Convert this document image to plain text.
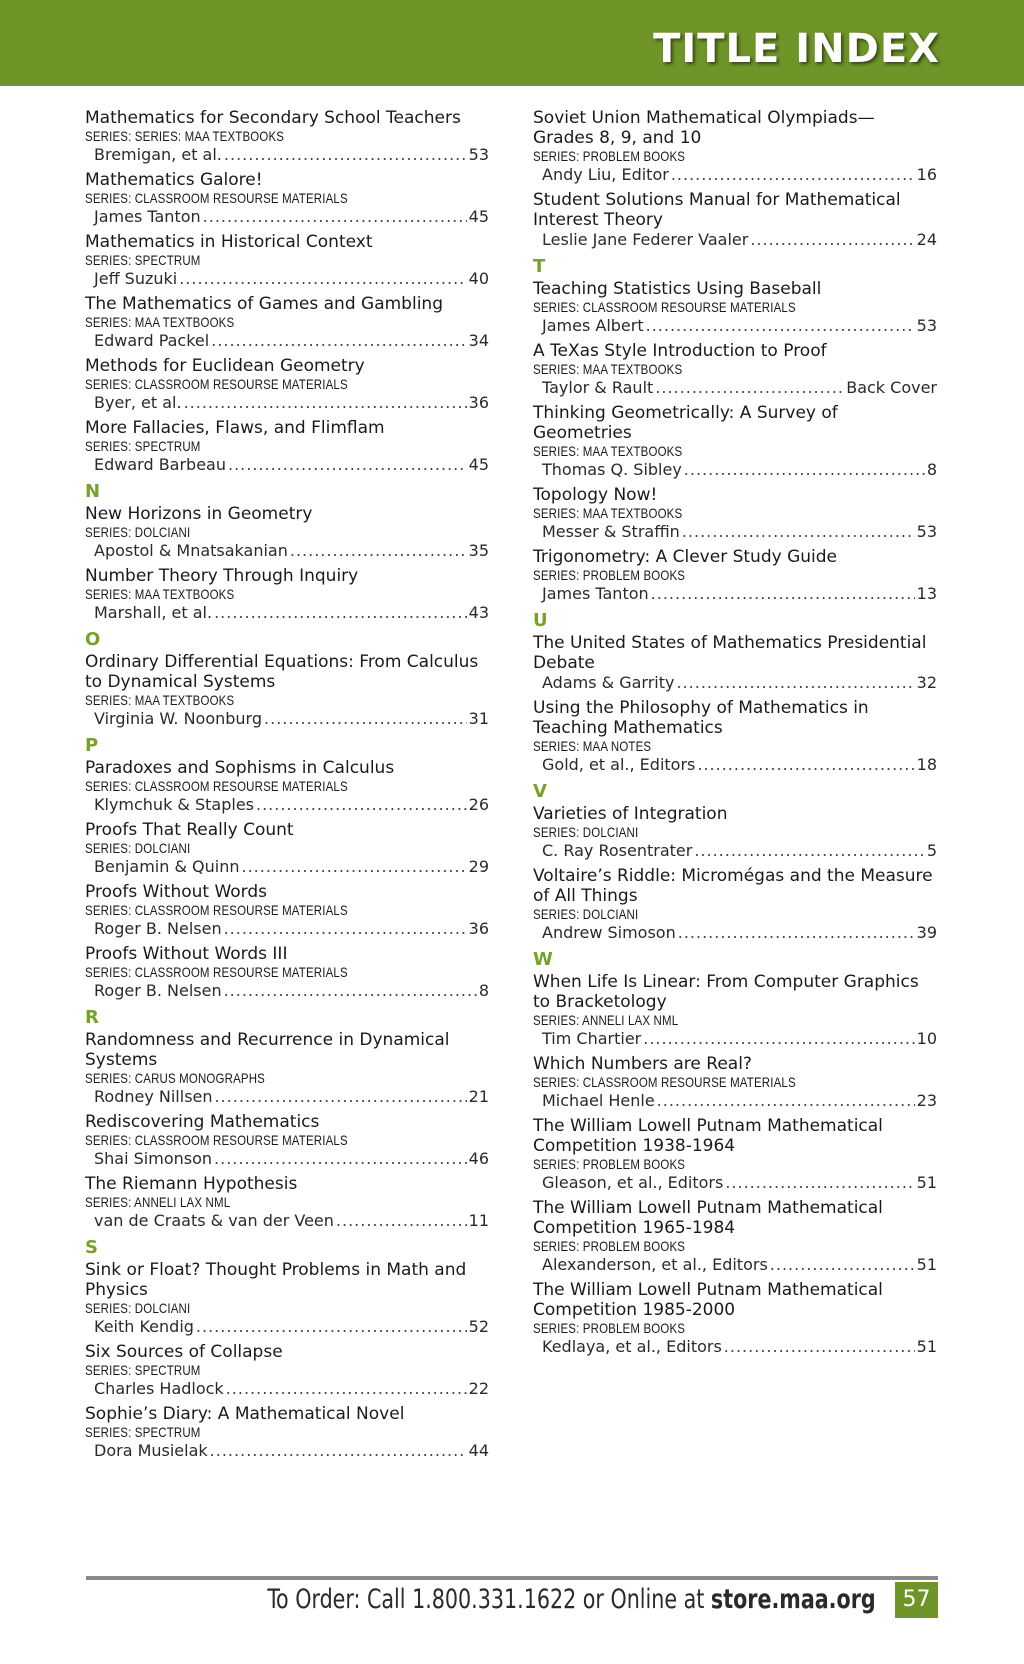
TITLE INDEX
Mathematics for Secondary School Teachers
SERIES: SERIES: MAA TEXTBOOKS
Bremigan, et al. .....	53
Mathematics Galore!
SERIES: CLASSROOM RESOURSE MATERIALS
James Tanton .....	45
Mathematics in Historical Context
SERIES: SPECTRUM
Jeff Suzuki .....	40
The Mathematics of Games and Gambling
SERIES: MAA TEXTBOOKS
Edward Packel .....	34
Methods for Euclidean Geometry
SERIES: CLASSROOM RESOURSE MATERIALS
Byer, et al. .....	36
More Fallacies, Flaws, and Flimflam
SERIES: SPECTRUM
Edward Barbeau .....	45
N
New Horizons in Geometry
SERIES: DOLCIANI
Apostol & Mnatsakanian .....	35
Number Theory Through Inquiry
SERIES: MAA TEXTBOOKS
Marshall, et al. .....	43
O
Ordinary Differential Equations: From Calculus to Dynamical Systems
SERIES: MAA TEXTBOOKS
Virginia W. Noonburg .....	31
P
Paradoxes and Sophisms in Calculus
SERIES: CLASSROOM RESOURSE MATERIALS
Klymchuk & Staples .....	26
Proofs That Really Count
SERIES: DOLCIANI
Benjamin & Quinn .....	29
Proofs Without Words
SERIES: CLASSROOM RESOURSE MATERIALS
Roger B. Nelsen .....	36
Proofs Without Words III
SERIES: CLASSROOM RESOURSE MATERIALS
Roger B. Nelsen .....	8
R
Randomness and Recurrence in Dynamical Systems
SERIES: CARUS MONOGRAPHS
Rodney Nillsen .....	21
Rediscovering Mathematics
SERIES: CLASSROOM RESOURSE MATERIALS
Shai Simonson .....	46
The Riemann Hypothesis
SERIES: ANNELI LAX NML
van de Craats & van der Veen .....	11
S
Sink or Float? Thought Problems in Math and Physics
SERIES: DOLCIANI
Keith Kendig .....	52
Six Sources of Collapse
SERIES: SPECTRUM
Charles Hadlock .....	22
Sophie’s Diary: A Mathematical Novel
SERIES: SPECTRUM
Dora Musielak .....	44
Soviet Union Mathematical Olympiads— Grades 8, 9, and 10
SERIES: PROBLEM BOOKS
Andy Liu, Editor .....	16
Student Solutions Manual for Mathematical Interest Theory
Leslie Jane Federer Vaaler .....	24
T
Teaching Statistics Using Baseball
SERIES: CLASSROOM RESOURSE MATERIALS
James Albert .....	53
A TeXas Style Introduction to Proof
SERIES: MAA TEXTBOOKS
Taylor & Rault .....	Back Cover
Thinking Geometrically: A Survey of Geometries
SERIES: MAA TEXTBOOKS
Thomas Q. Sibley .....	8
Topology Now!
SERIES: MAA TEXTBOOKS
Messer & Straffin .....	53
Trigonometry: A Clever Study Guide
SERIES: PROBLEM BOOKS
James Tanton .....	13
U
The United States of Mathematics Presidential Debate
Adams & Garrity .....	32
Using the Philosophy of Mathematics in Teaching Mathematics
SERIES: MAA NOTES
Gold, et al., Editors .....	18
V
Varieties of Integration
SERIES: DOLCIANI
C. Ray Rosentrater .....	5
Voltaire’s Riddle: Micromégas and the Measure of All Things
SERIES: DOLCIANI
Andrew Simoson .....	39
W
When Life Is Linear: From Computer Graphics to Bracketology
SERIES: ANNELI LAX NML
Tim Chartier .....	10
Which Numbers are Real?
SERIES: CLASSROOM RESOURSE MATERIALS
Michael Henle .....	23
The William Lowell Putnam Mathematical Competition 1938-1964
SERIES: PROBLEM BOOKS
Gleason, et al., Editors .....	51
The William Lowell Putnam Mathematical Competition 1965-1984
SERIES: PROBLEM BOOKS
Alexanderson, et al., Editors .....	51
The William Lowell Putnam Mathematical Competition 1985-2000
SERIES: PROBLEM BOOKS
Kedlaya, et al., Editors .....	51
To Order: Call 1.800.331.1622 or Online at store.maa.org	57
